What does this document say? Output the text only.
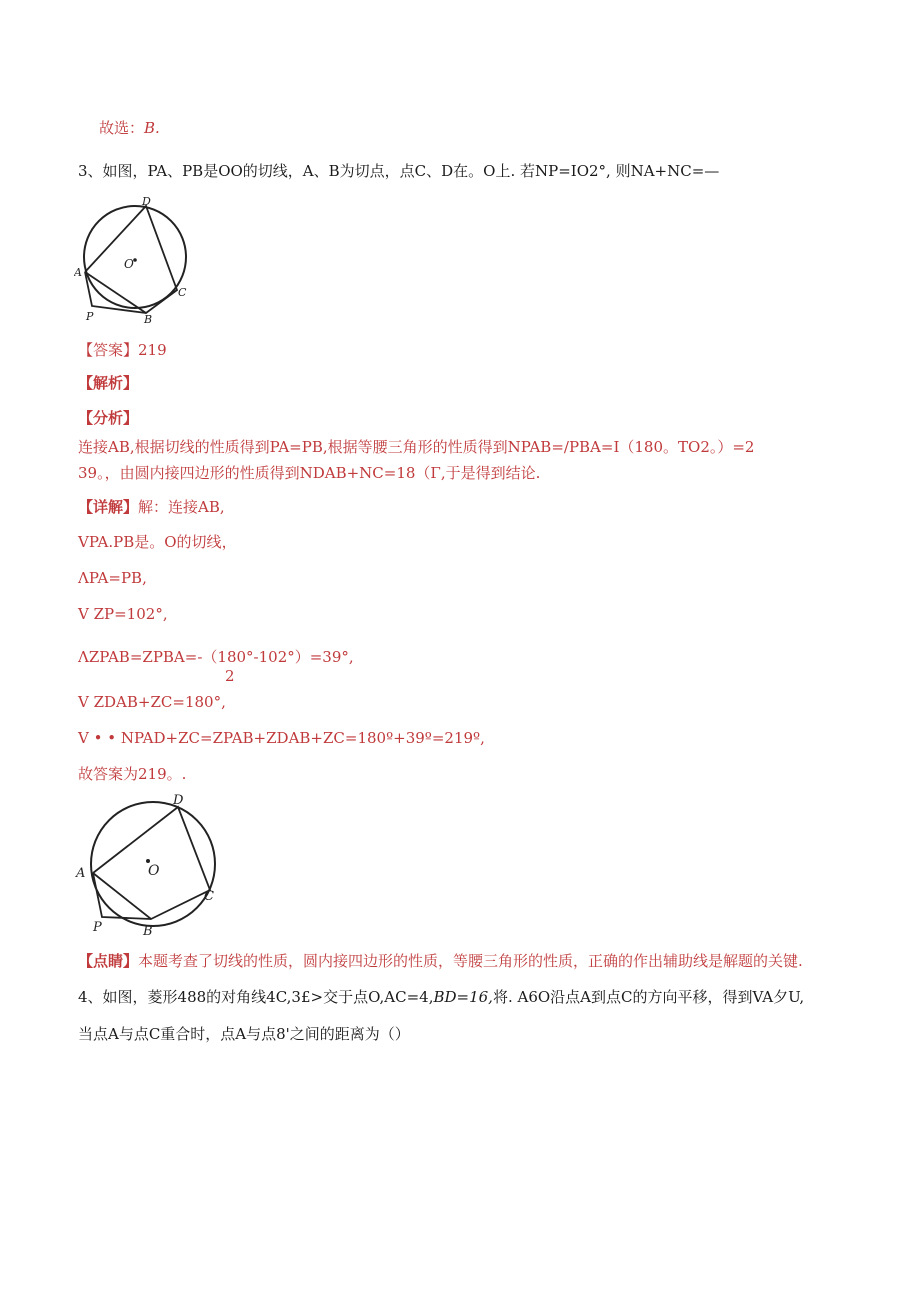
故选：B.
3、如图，PA、PB是OO的切线，A、B为切点，点C、D在。O上. 若NP=IO2°, 则NA+NC=—
D
O
A
C
P	B
【答案】219
【解析】
【分析】
连接AB,根据切线的性质得到PA=PB,根据等腰三角形的性质得到NPAB=/PBA=I（180。TO2。）=2
39。，由圆内接四边形的性质得到NDAB+NC=18（Γ,于是得到结论.
【详解】解：连接AB,
VPA.PB是。O的切线，
ΛPA=PB,
V ZP=102°,
ΛZPAB=ZPBA=-（180°-102°）=39°,
2
V ZDAB+ZC=180°,
V • • NPAD+ZC=ZPAB+ZDAB+ZC=180º+39º=219º,
故答案为219。.
D
O
A
C
P	B
【点睛】本题考查了切线的性质，圆内接四边形的性质，等腰三角形的性质，正确的作出辅助线是解题的关键.
4、如图，菱形488的对角线4C,3£>交于点O,AC=4,BD=16,将. A6O沿点A到点C的方向平移，得到VA夕U,
当点A与点C重合时，点A与点8'之间的距离为（）
